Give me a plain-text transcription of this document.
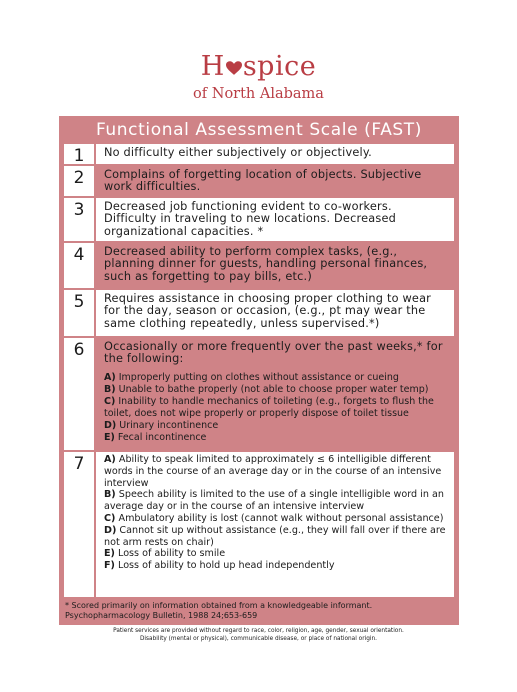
H spice
of North Alabama
Functional Assessment Scale (FAST)
1	No difficulty either subjectively or objectively.
2	Complains of forgetting location of objects. Subjective work difficulties.
3	Decreased job functioning evident to co-workers. Difficulty in traveling to new locations. Decreased organizational capacities. *
4	Decreased ability to perform complex tasks, (e.g., planning dinner for guests, handling personal finances, such as forgetting to pay bills, etc.)
5	Requires assistance in choosing proper clothing to wear for the day, season or occasion, (e.g., pt may wear the same clothing repeatedly, unless supervised.*)
6	Occasionally or more frequently over the past weeks,* for the following:
A) Improperly putting on clothes without assistance or cueing
B) Unable to bathe properly (not able to choose proper water temp)
C) Inability to handle mechanics of toileting (e.g., forgets to flush the toilet, does not wipe properly or properly dispose of toilet tissue
D) Urinary incontinence
E) Fecal incontinence
7	A) Ability to speak limited to approximately ≤ 6 intelligible different words in the course of an average day or in the course of an intensive interview
B) Speech ability is limited to the use of a single intelligible word in an average day or in the course of an intensive interview
C) Ambulatory ability is lost (cannot walk without personal assistance)
D) Cannot sit up without assistance (e.g., they will fall over if there are not arm rests on chair)
E) Loss of ability to smile
F) Loss of ability to hold up head independently
* Scored primarily on information obtained from a knowledgeable informant.
Psychopharmacology Bulletin, 1988 24;653-659
Patient services are provided without regard to race, color, religion, age, gender, sexual orientation.
Disability (mental or physical), communicable disease, or place of national origin.
